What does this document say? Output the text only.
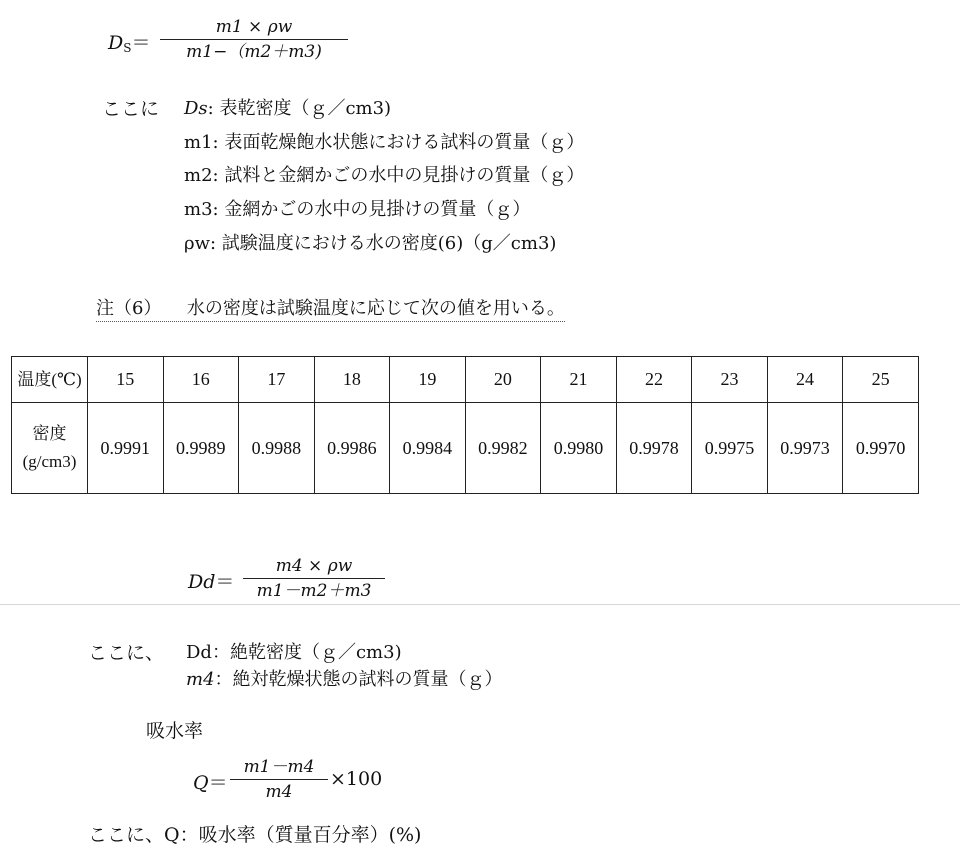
$D_S=$
m1 × ρw
m1−（m2＋m3)
ここに Ds: 表乾密度（ｇ／cm3)
m1: 表面乾燥飽水状態における試料の質量（ｇ）
m2: 試料と金網かごの水中の見掛けの質量（ｇ）
m3: 金網かごの水中の見掛けの質量（ｇ）
ρw: 試験温度における水の密度(6)（g／cm3)
注（6） 水の密度は試験温度に応じて次の値を用いる。
温度(℃)	15	16	17	18	19	20	21	22	23	24	25
密度(g/cm3)	0.9991	0.9989	0.9988	0.9986	0.9984	0.9982	0.9980	0.9978	0.9975	0.9973	0.9970
Dd＝
m4 × ρw
m1－m2＋m3
ここに、 Dd：絶乾密度（ｇ／cm3)
m4：絶対乾燥状態の試料の質量（ｇ）
吸水率
Q＝
m1－m4
m4
×100
ここに、Q：吸水率（質量百分率）(%)
